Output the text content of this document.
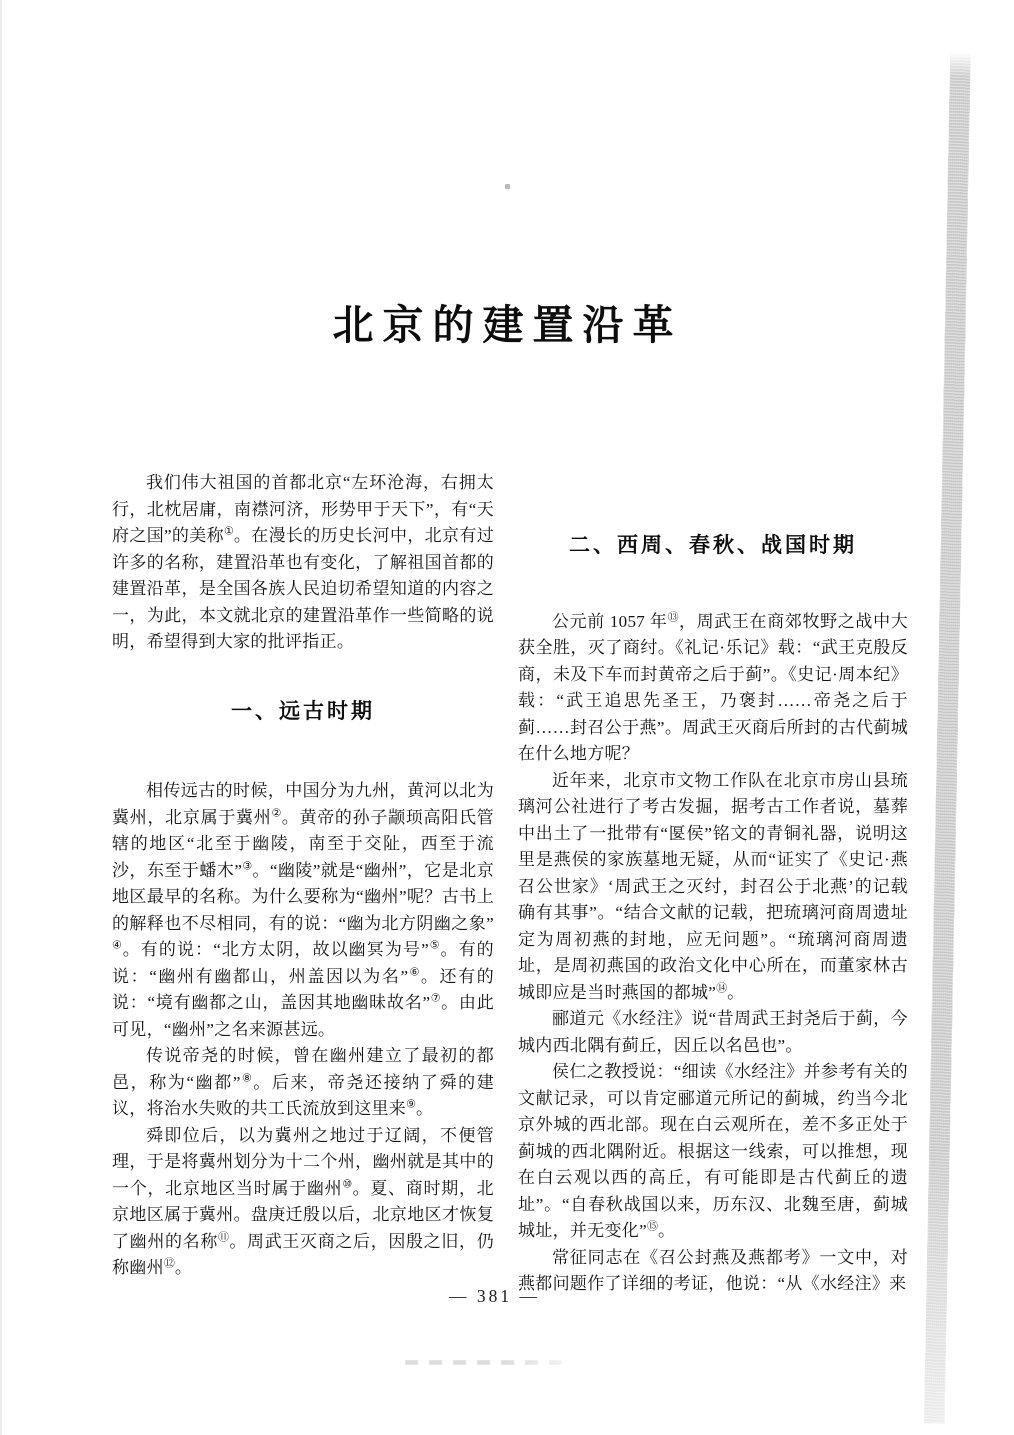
北京的建置沿革

我们伟大祖国的首都北京“左环沧海，右拥太行，北枕居庸，南襟河济，形势甲于天下”，有“天府之国”的美称①。在漫长的历史长河中，北京有过许多的名称，建置沿革也有变化，了解祖国首都的建置沿革，是全国各族人民迫切希望知道的内容之一，为此，本文就北京的建置沿革作一些简略的说明，希望得到大家的批评指正。

一、远古时期

相传远古的时候，中国分为九州，黄河以北为冀州，北京属于冀州②。黄帝的孙子颛顼高阳氏管辖的地区“北至于幽陵，南至于交阯，西至于流沙，东至于蟠木”③。“幽陵”就是“幽州”，它是北京地区最早的名称。为什么要称为“幽州”呢？古书上的解释也不尽相同，有的说：“幽为北方阴幽之象”④。有的说：“北方太阴，故以幽冥为号”⑤。有的说：“幽州有幽都山，州盖因以为名”⑥。还有的说：“境有幽都之山，盖因其地幽昧故名”⑦。由此可见，“幽州”之名来源甚远。

传说帝尧的时候，曾在幽州建立了最初的都邑，称为“幽都”⑧。后来，帝尧还接纳了舜的建议，将治水失败的共工氏流放到这里来⑨。

舜即位后，以为冀州之地过于辽阔，不便管理，于是将冀州划分为十二个州，幽州就是其中的一个，北京地区当时属于幽州⑩。夏、商时期，北京地区属于冀州。盘庚迁殷以后，北京地区才恢复了幽州的名称⑪。周武王灭商之后，因殷之旧，仍称幽州⑫。

二、西周、春秋、战国时期

公元前 1057 年⑬，周武王在商郊牧野之战中大获全胜，灭了商纣。《礼记·乐记》载：“武王克殷反商，未及下车而封黄帝之后于蓟”。《史记·周本纪》载：“武王追思先圣王，乃褒封……帝尧之后于蓟……封召公于燕”。周武王灭商后所封的古代蓟城在什么地方呢？

近年来，北京市文物工作队在北京市房山县琉璃河公社进行了考古发掘，据考古工作者说，墓葬中出土了一批带有“匽侯”铭文的青铜礼器，说明这里是燕侯的家族墓地无疑，从而“证实了《史记·燕召公世家》‘周武王之灭纣，封召公于北燕’的记载确有其事”。“结合文献的记载，把琉璃河商周遗址定为周初燕的封地，应无问题”。“琉璃河商周遗址，是周初燕国的政治文化中心所在，而董家林古城即应是当时燕国的都城”⑭。

郦道元《水经注》说“昔周武王封尧后于蓟，今城内西北隅有蓟丘，因丘以名邑也”。

侯仁之教授说：“细读《水经注》并参考有关的文献记录，可以肯定郦道元所记的蓟城，约当今北京外城的西北部。现在白云观所在，差不多正处于蓟城的西北隅附近。根据这一线索，可以推想，现在白云观以西的高丘，有可能即是古代蓟丘的遗址”。“自春秋战国以来，历东汉、北魏至唐，蓟城城址，并无变化”⑮。

常征同志在《召公封燕及燕都考》一文中，对燕都问题作了详细的考证，他说：“从《水经注》来

— 381 —
